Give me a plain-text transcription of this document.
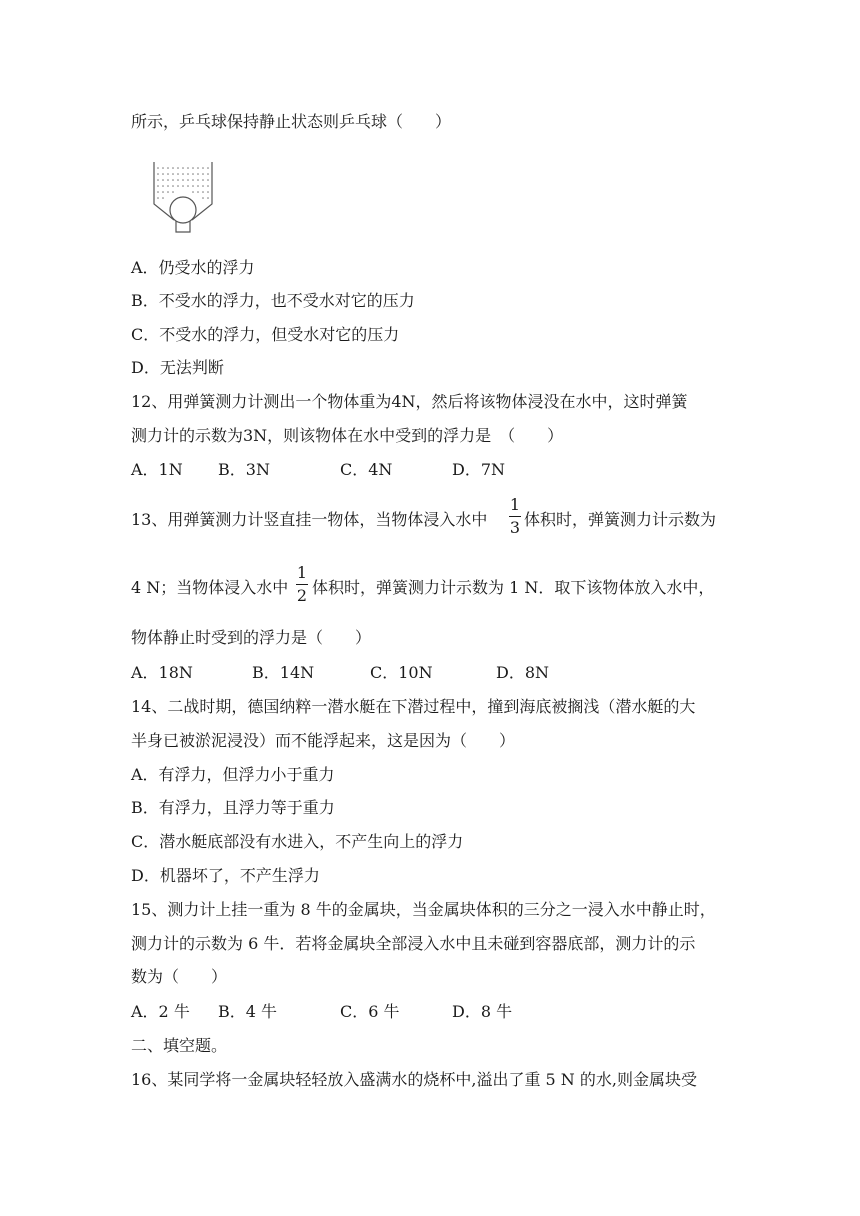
所示，乒乓球保持静止状态则乒乓球（　　）
A．仍受水的浮力
B．不受水的浮力，也不受水对它的压力
C．不受水的浮力，但受水对它的压力
D．无法判断
12、用弹簧测力计测出一个物体重为4N，然后将该物体浸没在水中，这时弹簧
测力计的示数为3N，则该物体在水中受到的浮力是　（　　）
A．1N B．3N	C．4N	D．7N
13、用弹簧测力计竖直挂一物体，当物体浸入水中
1
3 体积时，弹簧测力计示数为
4 N；当物体浸入水中
1
2 体积时，弹簧测力计示数为 1 N．取下该物体放入水中，
物体静止时受到的浮力是（　　）
A．18N	B．14N	C．10N	D．8N
14、二战时期，德国纳粹一潜水艇在下潜过程中，撞到海底被搁浅（潜水艇的大
半身已被淤泥浸没）而不能浮起来，这是因为（　　）
A．有浮力，但浮力小于重力
B．有浮力，且浮力等于重力
C．潜水艇底部没有水进入，不产生向上的浮力
D．机器坏了，不产生浮力
15、测力计上挂一重为 8 牛的金属块，当金属块体积的三分之一浸入水中静止时，
测力计的示数为 6 牛．若将金属块全部浸入水中且未碰到容器底部，测力计的示
数为（　　）
A．2 牛 B．4 牛	C．6 牛	D．8 牛
二、填空题。
16、某同学将一金属块轻轻放入盛满水的烧杯中,溢出了重 5 N 的水,则金属块受
